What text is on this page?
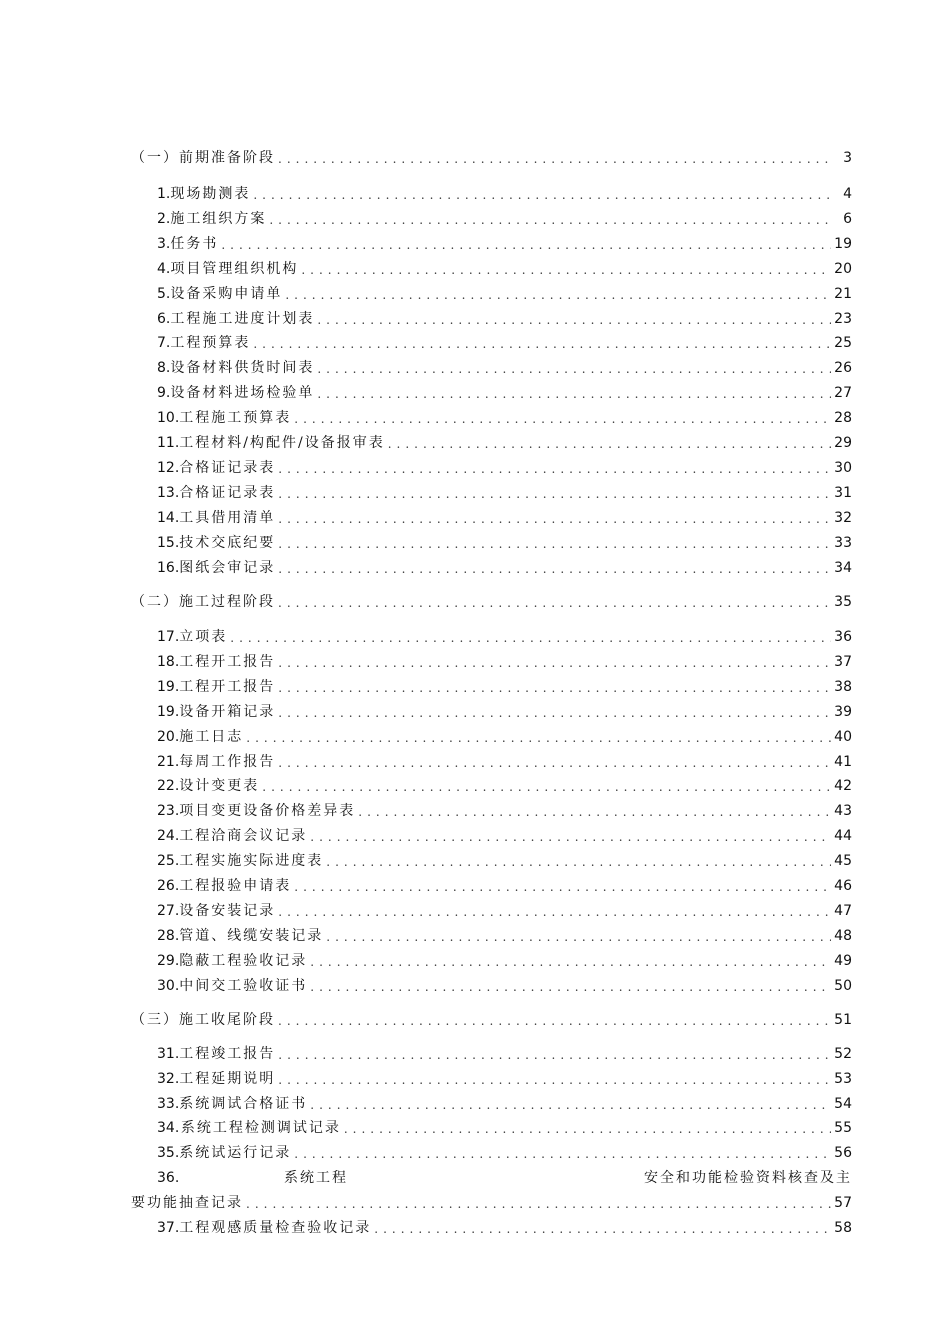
（一）前期准备阶段 .....	3
1. 现场勘测表 .....	4
2. 施工组织方案 .....	6
3. 任务书 .....	19
4. 项目管理组织机构 .....	20
5. 设备采购申请单 .....	21
6. 工程施工进度计划表 .....	23
7. 工程预算表 .....	25
8. 设备材料供货时间表 .....	26
9. 设备材料进场检验单 .....	27
10. 工程施工预算表 .....	28
11. 工程材料/构配件/设备报审表 .....	29
12. 合格证记录表 .....	30
13. 合格证记录表 .....	31
14. 工具借用清单 .....	32
15. 技术交底纪要 .....	33
16. 图纸会审记录 .....	34
（二）施工过程阶段 .....	35
17. 立项表 .....	36
18. 工程开工报告 .....	37
19. 工程开工报告 .....	38
19. 设备开箱记录 .....	39
20. 施工日志 .....	40
21. 每周工作报告 .....	41
22. 设计变更表 .....	42
23. 项目变更设备价格差异表 .....	43
24. 工程洽商会议记录 .....	44
25. 工程实施实际进度表 .....	45
26. 工程报验申请表 .....	46
27. 设备安装记录 .....	47
28. 管道、线缆安装记录 .....	48
29. 隐蔽工程验收记录 .....	49
30. 中间交工验收证书 .....	50
（三）施工收尾阶段 .....	51
31. 工程竣工报告 .....	52
32. 工程延期说明 .....	53
33. 系统调试合格证书 .....	54
34. 系统工程检测调试记录 .....	55
35. 系统试运行记录 .....	56
36.	系统工程	安全和功能检验资料核查及主
要功能抽查记录 .....	57
37. 工程观感质量检查验收记录 .....	58
